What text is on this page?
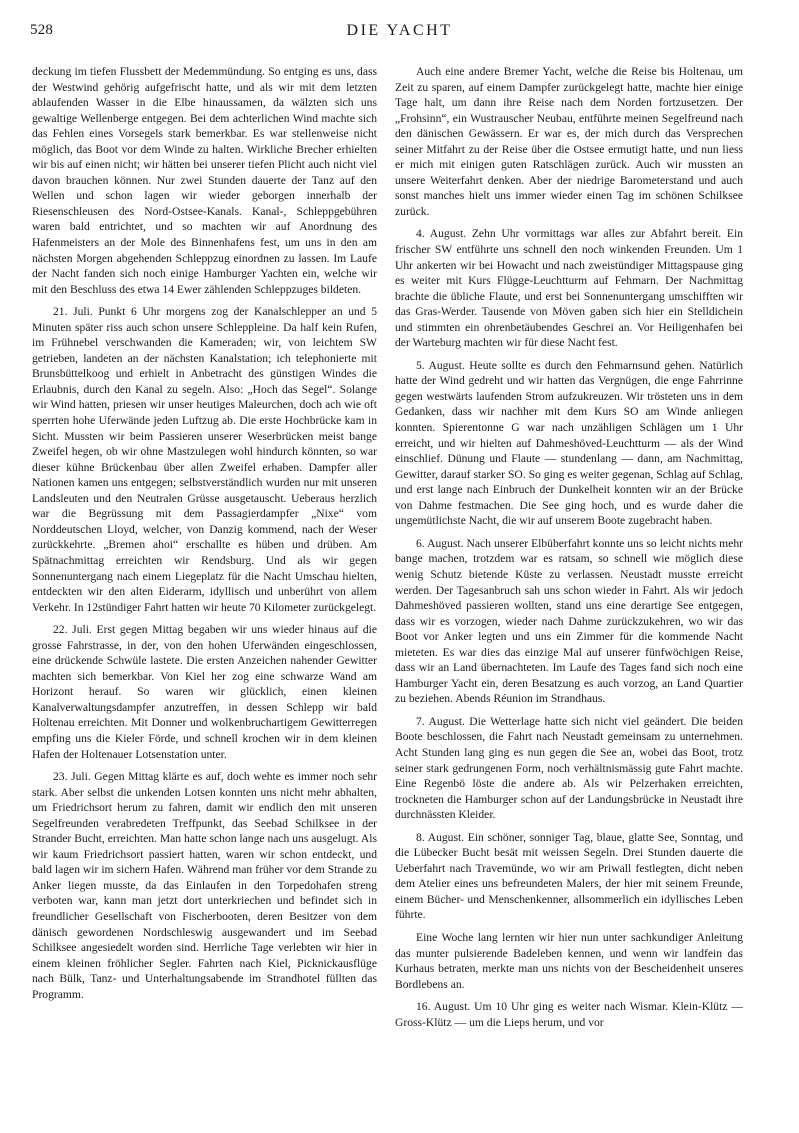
528	DIE YACHT

deckung im tiefen Flussbett der Medemmündung. So entging es uns, dass der Westwind gehörig aufgefrischt hatte, und als wir mit dem letzten ablaufenden Wasser in die Elbe hinaussamen, da wälzten sich uns gewaltige Wellenberge entgegen. Bei dem achterlichen Wind machte sich das Fehlen eines Vorsegels stark bemerkbar. Es war stellenweise nicht möglich, das Boot vor dem Winde zu halten. Wirkliche Brecher erhielten wir bis auf einen nicht; wir hätten bei unserer tiefen Plicht auch nicht viel davon brauchen können. Nur zwei Stunden dauerte der Tanz auf den Wellen und schon lagen wir wieder geborgen innerhalb der Riesenschleusen des Nord-Ostsee-Kanals. Kanal-, Schleppgebühren waren bald entrichtet, und so machten wir auf Anordnung des Hafenmeisters an der Mole des Binnenhafens fest, um uns in den am nächsten Morgen abgehenden Schleppzug einordnen zu lassen. Im Laufe der Nacht fanden sich noch einige Hamburger Yachten ein, welche wir mit den Beschluss des etwa 14 Ewer zählenden Schleppzuges bildeten.

21. Juli. Punkt 6 Uhr morgens zog der Kanalschlepper an und 5 Minuten später riss auch schon unsere Schleppleine. Da half kein Rufen, im Frühnebel verschwanden die Kameraden; wir, von leichtem SW getrieben, landeten an der nächsten Kanalstation; ich telephonierte mit Brunsbüttelkoog und erhielt in Anbetracht des günstigen Windes die Erlaubnis, durch den Kanal zu segeln. Also: „Hoch das Segel“. Solange wir Wind hatten, priesen wir unser heutiges Maleurchen, doch ach wie oft sperrten hohe Uferwände jeden Luftzug ab. Die erste Hochbrücke kam in Sicht. Mussten wir beim Passieren unserer Weserbrücken meist bange Zweifel hegen, ob wir ohne Mastzulegen wohl hindurch könnten, so war dieser kühne Brückenbau über allen Zweifel erhaben. Dampfer aller Nationen kamen uns entgegen; selbstverständlich wurden nur mit unseren Landsleuten und den Neutralen Grüsse ausgetauscht. Ueberaus herzlich war die Begrüssung mit dem Passagierdampfer „Nixe“ vom Norddeutschen Lloyd, welcher, von Danzig kommend, nach der Weser zurückkehrte. „Bremen ahoi“ erschallte es hüben und drüben. Am Spätnachmittag erreichten wir Rendsburg. Und als wir gegen Sonnenuntergang nach einem Liegeplatz für die Nacht Umschau hielten, entdeckten wir den alten Eiderarm, idyllisch und unberührt von allem Verkehr. In 12stündiger Fahrt hatten wir heute 70 Kilometer zurückgelegt.

22. Juli. Erst gegen Mittag begaben wir uns wieder hinaus auf die grosse Fahrstrasse, in der, von den hohen Uferwänden eingeschlossen, eine drückende Schwüle lastete. Die ersten Anzeichen nahender Gewitter machten sich bemerkbar. Von Kiel her zog eine schwarze Wand am Horizont herauf. So waren wir glücklich, einen kleinen Kanalverwaltungsdampfer anzutreffen, in dessen Schlepp wir bald Holtenau erreichten. Mit Donner und wolkenbruchartigem Gewitterregen empfing uns die Kieler Förde, und schnell krochen wir in dem kleinen Hafen der Holtenauer Lotsenstation unter.

23. Juli. Gegen Mittag klärte es auf, doch wehte es immer noch sehr stark. Aber selbst die unkenden Lotsen konnten uns nicht mehr abhalten, um Friedrichsort herum zu fahren, damit wir endlich den mit unseren Segelfreunden verabredeten Treffpunkt, das Seebad Schilksee in der Strander Bucht, erreichten. Man hatte schon lange nach uns ausgelugt. Als wir kaum Friedrichsort passiert hatten, waren wir schon entdeckt, und bald lagen wir im sichern Hafen. Während man früher vor dem Strande zu Anker liegen musste, da das Einlaufen in den Torpedohafen streng verboten war, kann man jetzt dort unterkriechen und befindet sich in freundlicher Gesellschaft von Fischerbooten, deren Besitzer von dem dänisch gewordenen Nordschleswig ausgewandert und im Seebad Schilksee angesiedelt worden sind. Herrliche Tage verlebten wir hier in einem kleinen fröhlicher Segler. Fahrten nach Kiel, Picknickausflüge nach Bülk, Tanz- und Unterhaltungsabende im Strandhotel füllten das Programm.

Auch eine andere Bremer Yacht, welche die Reise bis Holtenau, um Zeit zu sparen, auf einem Dampfer zurückgelegt hatte, machte hier einige Tage halt, um dann ihre Reise nach dem Norden fortzusetzen. Der „Frohsinn“, ein Wustrauscher Neubau, entführte meinen Segelfreund nach den dänischen Gewässern. Er war es, der mich durch das Versprechen seiner Mitfahrt zu der Reise über die Ostsee ermutigt hatte, und nun liess er mich mit einigen guten Ratschlägen zurück. Auch wir mussten an unsere Weiterfahrt denken. Aber der niedrige Barometerstand und auch sonst manches hielt uns immer wieder einen Tag im schönen Schilksee zurück.

4. August. Zehn Uhr vormittags war alles zur Abfahrt bereit. Ein frischer SW entführte uns schnell den noch winkenden Freunden. Um 1 Uhr ankerten wir bei Howacht und nach zweistündiger Mittagspause ging es weiter mit Kurs Flügge-Leuchtturm auf Fehmarn. Der Nachmittag brachte die übliche Flaute, und erst bei Sonnenuntergang umschifften wir das Gras-Werder. Tausende von Möven gaben sich hier ein Stelldichein und stimmten ein ohrenbetäubendes Geschrei an. Vor Heiligenhafen bei der Warteburg machten wir für diese Nacht fest.

5. August. Heute sollte es durch den Fehmarnsund gehen. Natürlich hatte der Wind gedreht und wir hatten das Vergnügen, die enge Fahrrinne gegen westwärts laufenden Strom aufzukreuzen. Wir trösteten uns in dem Gedanken, dass wir nachher mit dem Kurs SO am Winde anliegen konnten. Spierentonne G war nach unzähligen Schlägen um 1 Uhr erreicht, und wir hielten auf Dahmeshöved-Leuchtturm — als der Wind einschlief. Dünung und Flaute — stundenlang — dann, am Nachmittag, Gewitter, darauf starker SO. So ging es weiter gegenan, Schlag auf Schlag, und erst lange nach Einbruch der Dunkelheit konnten wir an der Brücke von Dahme festmachen. Die See ging hoch, und es wurde daher die ungemütlichste Nacht, die wir auf unserem Boote zugebracht haben.

6. August. Nach unserer Elbüberfahrt konnte uns so leicht nichts mehr bange machen, trotzdem war es ratsam, so schnell wie möglich diese wenig Schutz bietende Küste zu verlassen. Neustadt musste erreicht werden. Der Tagesanbruch sah uns schon wieder in Fahrt. Als wir jedoch Dahmeshöved passieren wollten, stand uns eine derartige See entgegen, dass wir es vorzogen, wieder nach Dahme zurückzukehren, wo wir das Boot vor Anker legten und uns ein Zimmer für die kommende Nacht mieteten. Es war dies das einzige Mal auf unserer fünfwöchigen Reise, dass wir an Land übernachteten. Im Laufe des Tages fand sich noch eine Hamburger Yacht ein, deren Besatzung es auch vorzog, an Land Quartier zu beziehen. Abends Réunion im Strandhaus.

7. August. Die Wetterlage hatte sich nicht viel geändert. Die beiden Boote beschlossen, die Fahrt nach Neustadt gemeinsam zu unternehmen. Acht Stunden lang ging es nun gegen die See an, wobei das Boot, trotz seiner stark gedrungenen Form, noch verhältnismässig gute Fahrt machte. Eine Regenbö löste die andere ab. Als wir Pelzerhaken erreichten, trockneten die Hamburger schon auf der Landungsbrücke in Neustadt ihre durchnässten Kleider.

8. August. Ein schöner, sonniger Tag, blaue, glatte See, Sonntag, und die Lübecker Bucht besät mit weissen Segeln. Drei Stunden dauerte die Ueberfahrt nach Travemünde, wo wir am Priwall festlegten, dicht neben dem Atelier eines uns befreundeten Malers, der hier mit seinem Freunde, einem Bücher- und Menschenkenner, allsommerlich ein idyllisches Leben führte.

Eine Woche lang lernten wir hier nun unter sachkundiger Anleitung das munter pulsierende Badeleben kennen, und wenn wir landfein das Kurhaus betraten, merkte man uns nichts von der Bescheidenheit unseres Bordlebens an.

16. August. Um 10 Uhr ging es weiter nach Wismar. Klein-Klütz — Gross-Klütz — um die Lieps herum, und vor
